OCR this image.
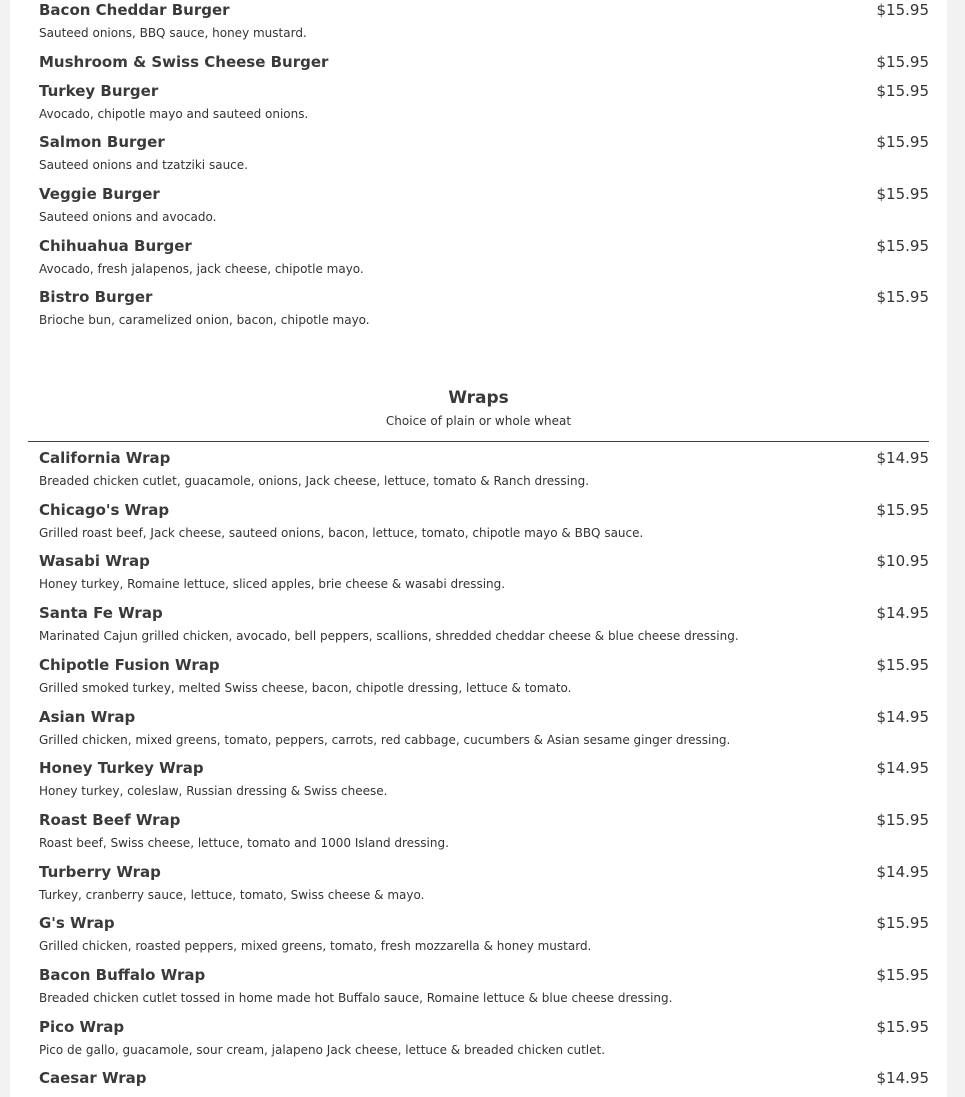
Bacon Cheddar Burger	$15.95
Sauteed onions, BBQ sauce, honey mustard.
Mushroom & Swiss Cheese Burger	$15.95
Turkey Burger	$15.95
Avocado, chipotle mayo and sauteed onions.
Salmon Burger	$15.95
Sauteed onions and tzatziki sauce.
Veggie Burger	$15.95
Sauteed onions and avocado.
Chihuahua Burger	$15.95
Avocado, fresh jalapenos, jack cheese, chipotle mayo.
Bistro Burger	$15.95
Brioche bun, caramelized onion, bacon, chipotle mayo.
Wraps
Choice of plain or whole wheat
California Wrap	$14.95
Breaded chicken cutlet, guacamole, onions, Jack cheese, lettuce, tomato & Ranch dressing.
Chicago's Wrap	$15.95
Grilled roast beef, Jack cheese, sauteed onions, bacon, lettuce, tomato, chipotle mayo & BBQ sauce.
Wasabi Wrap	$10.95
Honey turkey, Romaine lettuce, sliced apples, brie cheese & wasabi dressing.
Santa Fe Wrap	$14.95
Marinated Cajun grilled chicken, avocado, bell peppers, scallions, shredded cheddar cheese & blue cheese dressing.
Chipotle Fusion Wrap	$15.95
Grilled smoked turkey, melted Swiss cheese, bacon, chipotle dressing, lettuce & tomato.
Asian Wrap	$14.95
Grilled chicken, mixed greens, tomato, peppers, carrots, red cabbage, cucumbers & Asian sesame ginger dressing.
Honey Turkey Wrap	$14.95
Honey turkey, coleslaw, Russian dressing & Swiss cheese.
Roast Beef Wrap	$15.95
Roast beef, Swiss cheese, lettuce, tomato and 1000 Island dressing.
Turberry Wrap	$14.95
Turkey, cranberry sauce, lettuce, tomato, Swiss cheese & mayo.
G's Wrap	$15.95
Grilled chicken, roasted peppers, mixed greens, tomato, fresh mozzarella & honey mustard.
Bacon Buffalo Wrap	$15.95
Breaded chicken cutlet tossed in home made hot Buffalo sauce, Romaine lettuce & blue cheese dressing.
Pico Wrap	$15.95
Pico de gallo, guacamole, sour cream, jalapeno Jack cheese, lettuce & breaded chicken cutlet.
Caesar Wrap	$14.95
